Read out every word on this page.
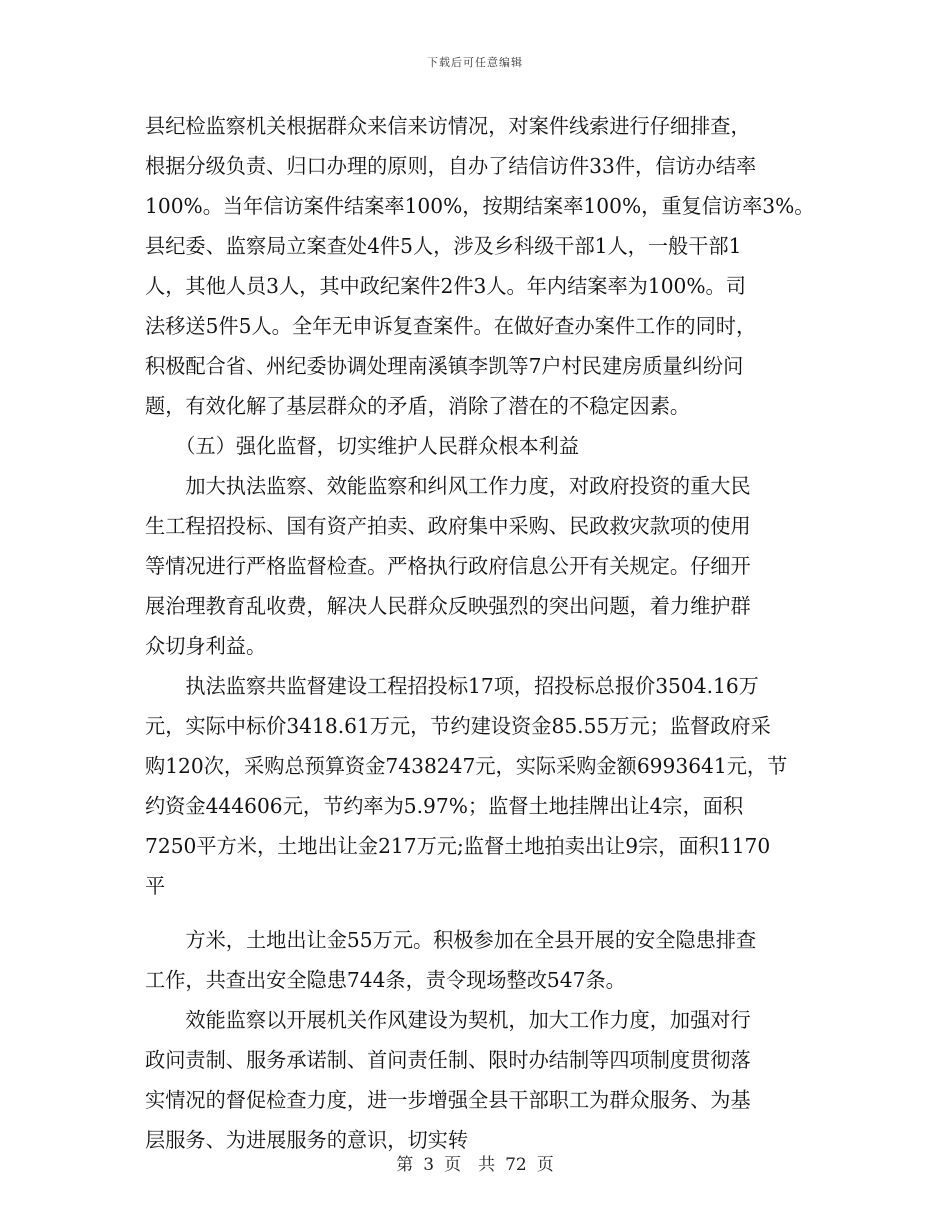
下载后可任意编辑
县纪检监察机关根据群众来信来访情况，对案件线索进行仔细排查，
根据分级负责、归口办理的原则，自办了结信访件33件，信访办结率
100%。当年信访案件结案率100%，按期结案率100%，重复信访率3%。
县纪委、监察局立案查处4件5人，涉及乡科级干部1人，一般干部1
人，其他人员3人，其中政纪案件2件3人。年内结案率为100%。司
法移送5件5人。全年无申诉复查案件。在做好查办案件工作的同时，
积极配合省、州纪委协调处理南溪镇李凯等7户村民建房质量纠纷问
题，有效化解了基层群众的矛盾，消除了潜在的不稳定因素。
　　（五）强化监督，切实维护人民群众根本利益
　　加大执法监察、效能监察和纠风工作力度，对政府投资的重大民
生工程招投标、国有资产拍卖、政府集中采购、民政救灾款项的使用
等情况进行严格监督检查。严格执行政府信息公开有关规定。仔细开
展治理教育乱收费，解决人民群众反映强烈的突出问题，着力维护群
众切身利益。
　　执法监察共监督建设工程招投标17项，招投标总报价3504.16万
元，实际中标价3418.61万元，节约建设资金85.55万元；监督政府采
购120次，采购总预算资金7438247元，实际采购金额6993641元，节
约资金444606元，节约率为5.97%；监督土地挂牌出让4宗，面积
7250平方米，土地出让金217万元;监督土地拍卖出让9宗，面积1170
平
　　方米，土地出让金55万元。积极参加在全县开展的安全隐患排查
工作，共查出安全隐患744条，责令现场整改547条。
　　效能监察以开展机关作风建设为契机，加大工作力度，加强对行
政问责制、服务承诺制、首问责任制、限时办结制等四项制度贯彻落
实情况的督促检查力度，进一步增强全县干部职工为群众服务、为基
层服务、为进展服务的意识，切实转
第 3 页　共 72 页
